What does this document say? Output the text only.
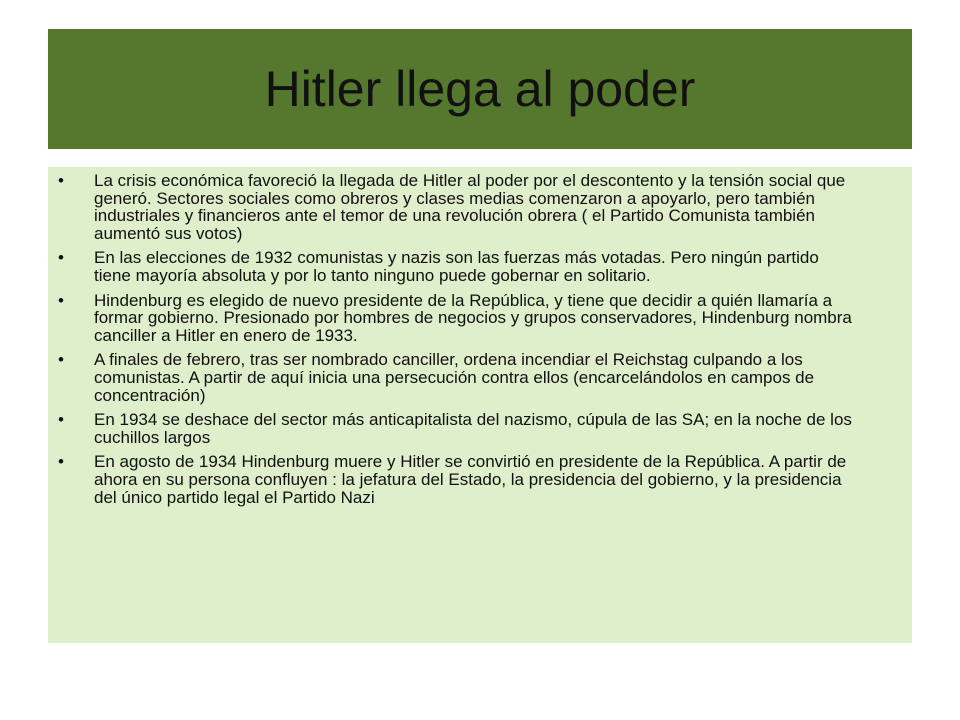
Hitler llega al poder
• La crisis económica favoreció la llegada de Hitler al poder por el descontento y la tensión social que generó. Sectores sociales como obreros y clases medias comenzaron a apoyarlo, pero también industriales y financieros ante el temor de una revolución obrera ( el Partido Comunista también aumentó sus votos)
• En las elecciones de 1932 comunistas y nazis son las fuerzas más votadas. Pero ningún partido tiene mayoría absoluta y por lo tanto ninguno puede gobernar en solitario.
• Hindenburg es elegido de nuevo presidente de la República, y tiene que decidir a quién llamaría a formar gobierno. Presionado por hombres de negocios y grupos conservadores, Hindenburg nombra canciller a Hitler en enero de 1933.
• A finales de febrero, tras ser nombrado canciller, ordena incendiar el Reichstag culpando a los comunistas. A partir de aquí inicia una persecución contra ellos (encarcelándolos en campos de concentración)
• En 1934 se deshace del sector más anticapitalista del nazismo, cúpula de las SA; en la noche de los cuchillos largos
• En agosto de 1934 Hindenburg muere y Hitler se convirtió en presidente de la República. A partir de ahora en su persona confluyen : la jefatura del Estado, la presidencia del gobierno, y la presidencia del único partido legal el Partido Nazi
